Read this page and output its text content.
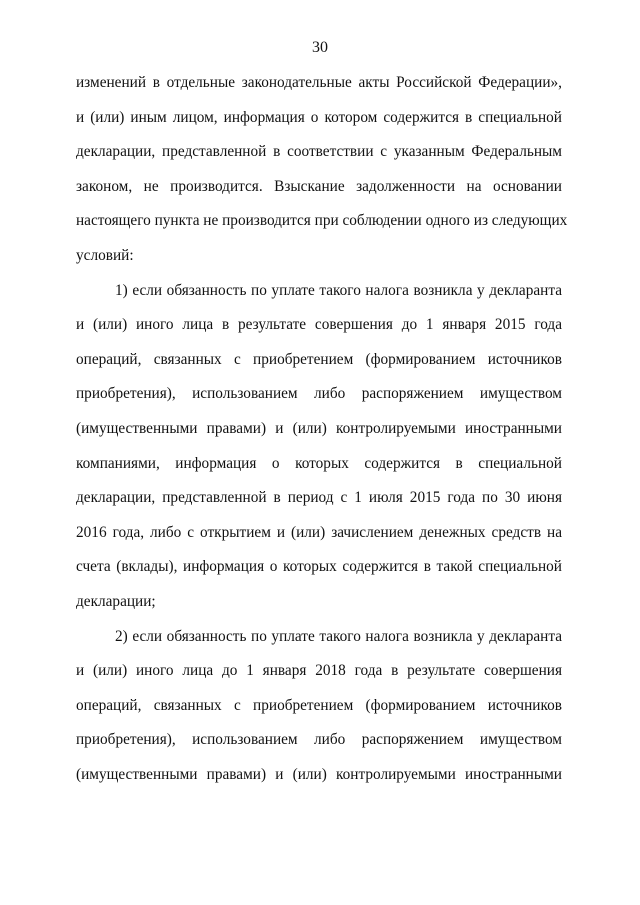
30
изменений в отдельные законодательные акты Российской Федерации»,
и (или) иным лицом, информация о котором содержится в специальной
декларации, представленной в соответствии с указанным Федеральным
законом, не производится. Взыскание задолженности на основании
настоящего пункта не производится при соблюдении одного из следующих
условий:
1) если обязанность по уплате такого налога возникла у декларанта
и (или) иного лица в результате совершения до 1 января 2015 года
операций, связанных с приобретением (формированием источников
приобретения), использованием либо распоряжением имуществом
(имущественными правами) и (или) контролируемыми иностранными
компаниями, информация о которых содержится в специальной
декларации, представленной в период с 1 июля 2015 года по 30 июня
2016 года, либо с открытием и (или) зачислением денежных средств на
счета (вклады), информация о которых содержится в такой специальной
декларации;
2) если обязанность по уплате такого налога возникла у декларанта
и (или) иного лица до 1 января 2018 года в результате совершения
операций, связанных с приобретением (формированием источников
приобретения), использованием либо распоряжением имуществом
(имущественными правами) и (или) контролируемыми иностранными
